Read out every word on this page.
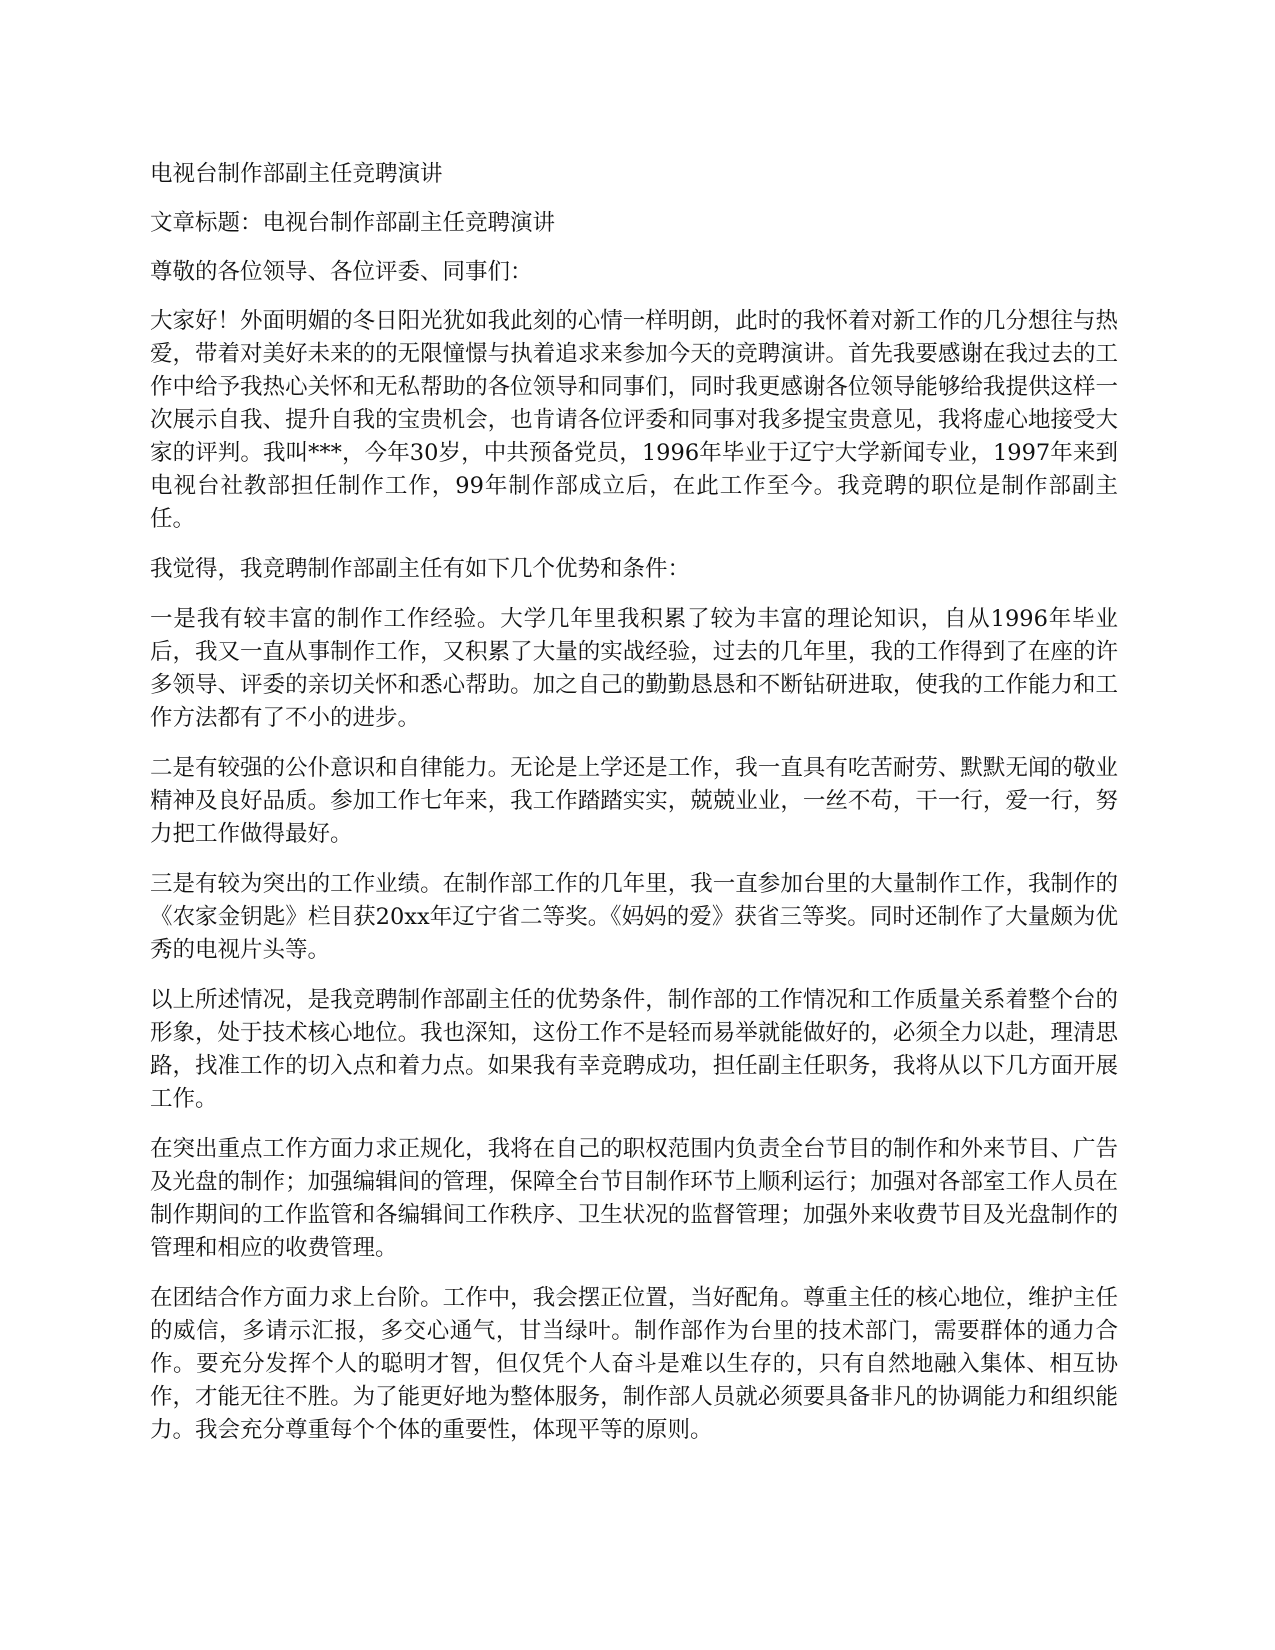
电视台制作部副主任竞聘演讲

文章标题：电视台制作部副主任竞聘演讲

尊敬的各位领导、各位评委、同事们：

大家好！外面明媚的冬日阳光犹如我此刻的心情一样明朗，此时的我怀着对新工作的几分想往与热爱，带着对美好未来的的无限憧憬与执着追求来参加今天的竞聘演讲。首先我要感谢在我过去的工作中给予我热心关怀和无私帮助的各位领导和同事们，同时我更感谢各位领导能够给我提供这样一次展示自我、提升自我的宝贵机会，也肯请各位评委和同事对我多提宝贵意见，我将虚心地接受大家的评判。我叫***，今年30岁，中共预备党员，1996年毕业于辽宁大学新闻专业，1997年来到电视台社教部担任制作工作，99年制作部成立后，在此工作至今。我竞聘的职位是制作部副主任。

我觉得，我竞聘制作部副主任有如下几个优势和条件：

一是我有较丰富的制作工作经验。大学几年里我积累了较为丰富的理论知识，自从1996年毕业后，我又一直从事制作工作，又积累了大量的实战经验，过去的几年里，我的工作得到了在座的许多领导、评委的亲切关怀和悉心帮助。加之自己的勤勤恳恳和不断钻研进取，使我的工作能力和工作方法都有了不小的进步。

二是有较强的公仆意识和自律能力。无论是上学还是工作，我一直具有吃苦耐劳、默默无闻的敬业精神及良好品质。参加工作七年来，我工作踏踏实实，兢兢业业，一丝不苟，干一行，爱一行，努力把工作做得最好。

三是有较为突出的工作业绩。在制作部工作的几年里，我一直参加台里的大量制作工作，我制作的《农家金钥匙》栏目获20xx年辽宁省二等奖。《妈妈的爱》获省三等奖。同时还制作了大量颇为优秀的电视片头等。

以上所述情况，是我竞聘制作部副主任的优势条件，制作部的工作情况和工作质量关系着整个台的形象，处于技术核心地位。我也深知，这份工作不是轻而易举就能做好的，必须全力以赴，理清思路，找准工作的切入点和着力点。如果我有幸竞聘成功，担任副主任职务，我将从以下几方面开展工作。

在突出重点工作方面力求正规化，我将在自己的职权范围内负责全台节目的制作和外来节目、广告及光盘的制作；加强编辑间的管理，保障全台节目制作环节上顺利运行；加强对各部室工作人员在制作期间的工作监管和各编辑间工作秩序、卫生状况的监督管理；加强外来收费节目及光盘制作的管理和相应的收费管理。

在团结合作方面力求上台阶。工作中，我会摆正位置，当好配角。尊重主任的核心地位，维护主任的威信，多请示汇报，多交心通气，甘当绿叶。制作部作为台里的技术部门，需要群体的通力合作。要充分发挥个人的聪明才智，但仅凭个人奋斗是难以生存的，只有自然地融入集体、相互协作，才能无往不胜。为了能更好地为整体服务，制作部人员就必须要具备非凡的协调能力和组织能力。我会充分尊重每个个体的重要性，体现平等的原则。
